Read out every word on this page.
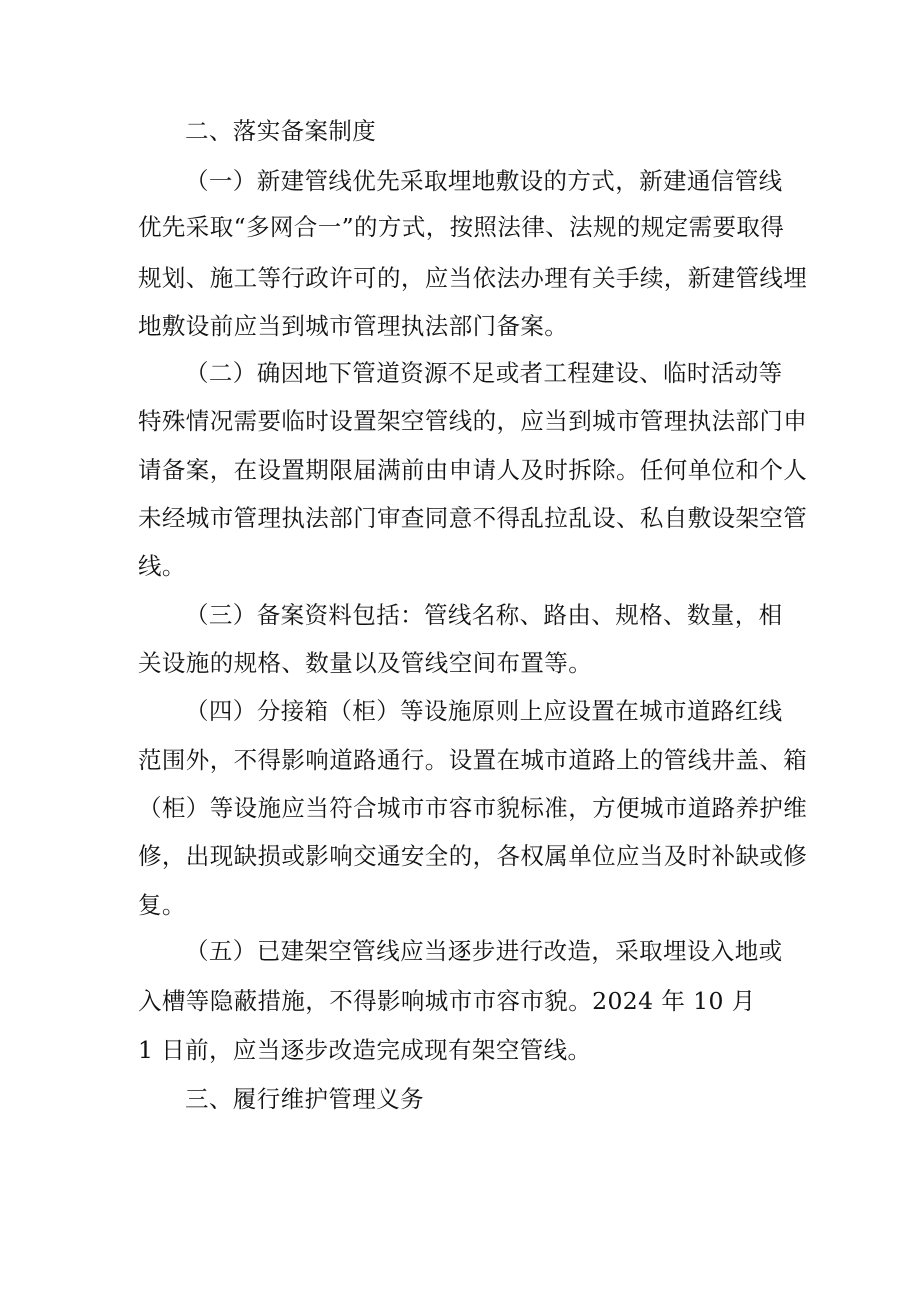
二、落实备案制度
（一）新建管线优先采取埋地敷设的方式，新建通信管线
优先采取“多网合一”的方式，按照法律、法规的规定需要取得
规划、施工等行政许可的，应当依法办理有关手续，新建管线埋
地敷设前应当到城市管理执法部门备案。
（二）确因地下管道资源不足或者工程建设、临时活动等
特殊情况需要临时设置架空管线的，应当到城市管理执法部门申
请备案，在设置期限届满前由申请人及时拆除。任何单位和个人
未经城市管理执法部门审查同意不得乱拉乱设、私自敷设架空管
线。
（三）备案资料包括：管线名称、路由、规格、数量，相
关设施的规格、数量以及管线空间布置等。
（四）分接箱（柜）等设施原则上应设置在城市道路红线
范围外，不得影响道路通行。设置在城市道路上的管线井盖、箱
（柜）等设施应当符合城市市容市貌标准，方便城市道路养护维
修，出现缺损或影响交通安全的，各权属单位应当及时补缺或修
复。
（五）已建架空管线应当逐步进行改造，采取埋设入地或
入槽等隐蔽措施，不得影响城市市容市貌。2024 年 10 月
1 日前，应当逐步改造完成现有架空管线。
三、履行维护管理义务
